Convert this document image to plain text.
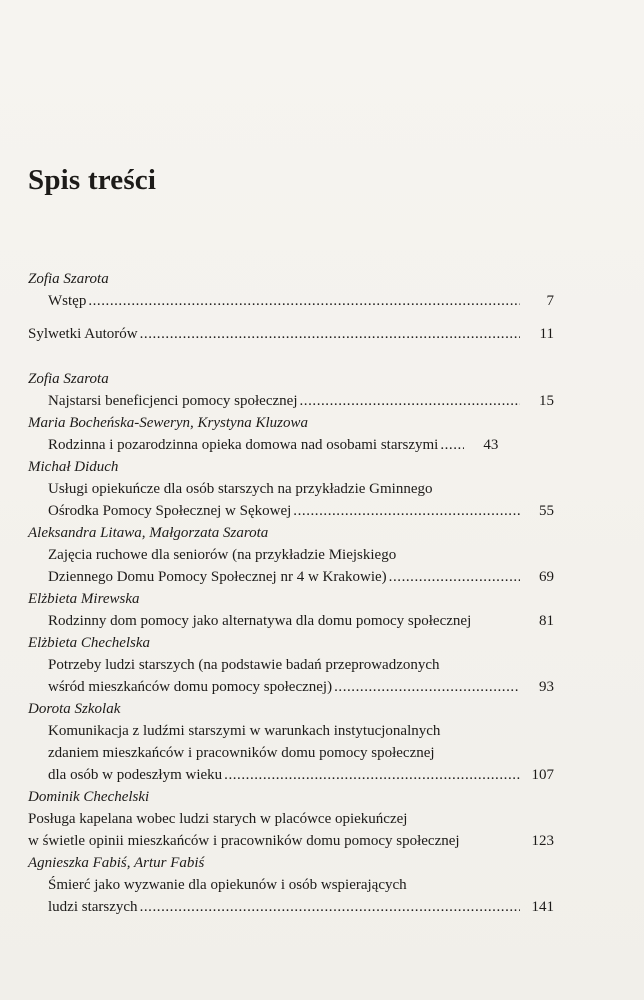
Spis treści
Zofia Szarota
Wstęp . . .	7
Sylwetki Autorów . . .	11
Zofia Szarota
Najstarsi beneficjenci pomocy społecznej . . .	15
Maria Bocheńska-Seweryn, Krystyna Kluzowa
Rodzinna i pozarodzinna opieka domowa nad osobami starszymi . . .	43
Michał Diduch
Usługi opiekuńcze dla osób starszych na przykładzie Gminnego
Ośrodka Pomocy Społecznej w Sękowej . . .	55
Aleksandra Litawa, Małgorzata Szarota
Zajęcia ruchowe dla seniorów (na przykładzie Miejskiego
Dziennego Domu Pomocy Społecznej nr 4 w Krakowie) . . .	69
Elżbieta Mirewska
Rodzinny dom pomocy jako alternatywa dla domu pomocy społecznej	81
Elżbieta Chechelska
Potrzeby ludzi starszych (na podstawie badań przeprowadzonych
wśród mieszkańców domu pomocy społecznej) . . .	93
Dorota Szkolak
Komunikacja z ludźmi starszymi w warunkach instytucjonalnych
zdaniem mieszkańców i pracowników domu pomocy społecznej
dla osób w podeszłym wieku . . .	107
Dominik Chechelski
Posługa kapelana wobec ludzi starych w placówce opiekuńczej
w świetle opinii mieszkańców i pracowników domu pomocy społecznej	123
Agnieszka Fabiś, Artur Fabiś
Śmierć jako wyzwanie dla opiekunów i osób wspierających
ludzi starszych . . .	141
